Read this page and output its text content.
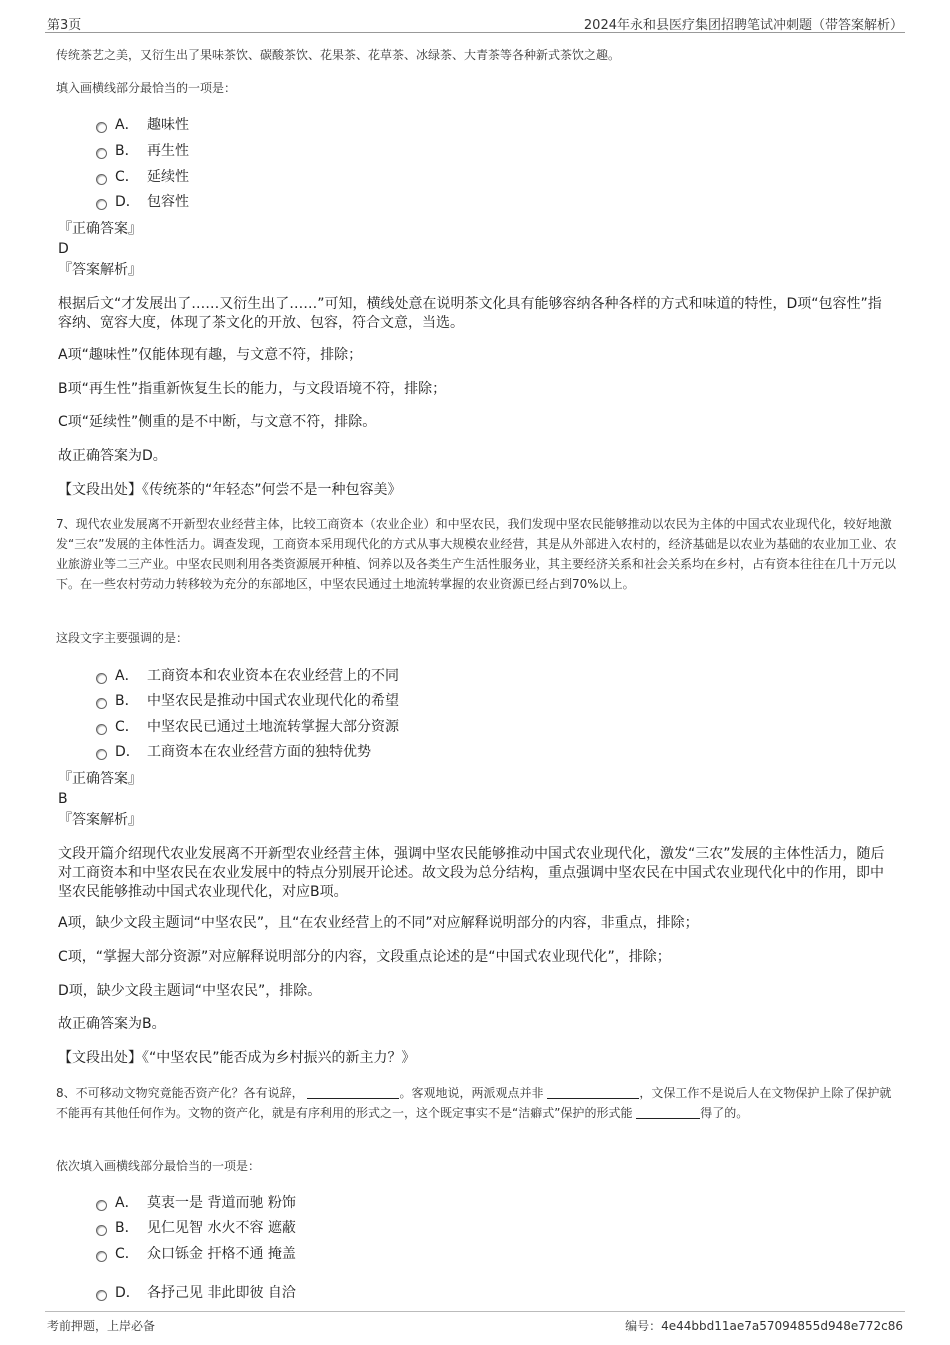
第3页	2024年永和县医疗集团招聘笔试冲刺题（带答案解析）
传统茶艺之美，又衍生出了果味茶饮、碳酸茶饮、花果茶、花草茶、冰绿茶、大青茶等各种新式茶饮之趣。
填入画横线部分最恰当的一项是：
A． 趣味性
B． 再生性
C． 延续性
D． 包容性
『正确答案』
D
『答案解析』
根据后文“才发展出了……又衍生出了……”可知，横线处意在说明茶文化具有能够容纳各种各样的方式和味道的特性，D项“包容性”指容纳、宽容大度，体现了茶文化的开放、包容，符合文意，当选。
A项“趣味性”仅能体现有趣，与文意不符，排除；
B项“再生性”指重新恢复生长的能力，与文段语境不符，排除；
C项“延续性”侧重的是不中断，与文意不符，排除。
故正确答案为D。
【文段出处】《传统茶的“年轻态”何尝不是一种包容美》
7、现代农业发展离不开新型农业经营主体，比较工商资本（农业企业）和中坚农民，我们发现中坚农民能够推动以农民为主体的中国式农业现代化，较好地激发“三农”发展的主体性活力。调查发现，工商资本采用现代化的方式从事大规模农业经营，其是从外部进入农村的，经济基础是以农业为基础的农业加工业、农业旅游业等二三产业。中坚农民则利用各类资源展开种植、饲养以及各类生产生活性服务业，其主要经济关系和社会关系均在乡村，占有资本往往在几十万元以下。在一些农村劳动力转移较为充分的东部地区，中坚农民通过土地流转掌握的农业资源已经占到70%以上。
这段文字主要强调的是：
A． 工商资本和农业资本在农业经营上的不同
B． 中坚农民是推动中国式农业现代化的希望
C． 中坚农民已通过土地流转掌握大部分资源
D． 工商资本在农业经营方面的独特优势
『正确答案』
B
『答案解析』
文段开篇介绍现代农业发展离不开新型农业经营主体，强调中坚农民能够推动中国式农业现代化，激发“三农”发展的主体性活力，随后对工商资本和中坚农民在农业发展中的特点分别展开论述。故文段为总分结构，重点强调中坚农民在中国式农业现代化中的作用，即中坚农民能够推动中国式农业现代化，对应B项。
A项，缺少文段主题词“中坚农民”，且“在农业经营上的不同”对应解释说明部分的内容，非重点，排除；
C项，“掌握大部分资源”对应解释说明部分的内容，文段重点论述的是“中国式农业现代化”，排除；
D项，缺少文段主题词“中坚农民”，排除。
故正确答案为B。
【文段出处】《“中坚农民”能否成为乡村振兴的新主力？》
8、不可移动文物究竟能否资产化？各有说辞，	。客观地说，两派观点并非	，文保工作不是说后人在文物保护上除了保护就不能再有其他任何作为。文物的资产化，就是有序利用的形式之一，这个既定事实不是“洁癖式”保护的形式能	得了的。
依次填入画横线部分最恰当的一项是：
A． 莫衷一是 背道而驰 粉饰
B． 见仁见智 水火不容 遮蔽
C． 众口铄金 扞格不通 掩盖
D． 各抒己见 非此即彼 自洽
考前押题，上岸必备	编号：4e44bbd11ae7a57094855d948e772c86
